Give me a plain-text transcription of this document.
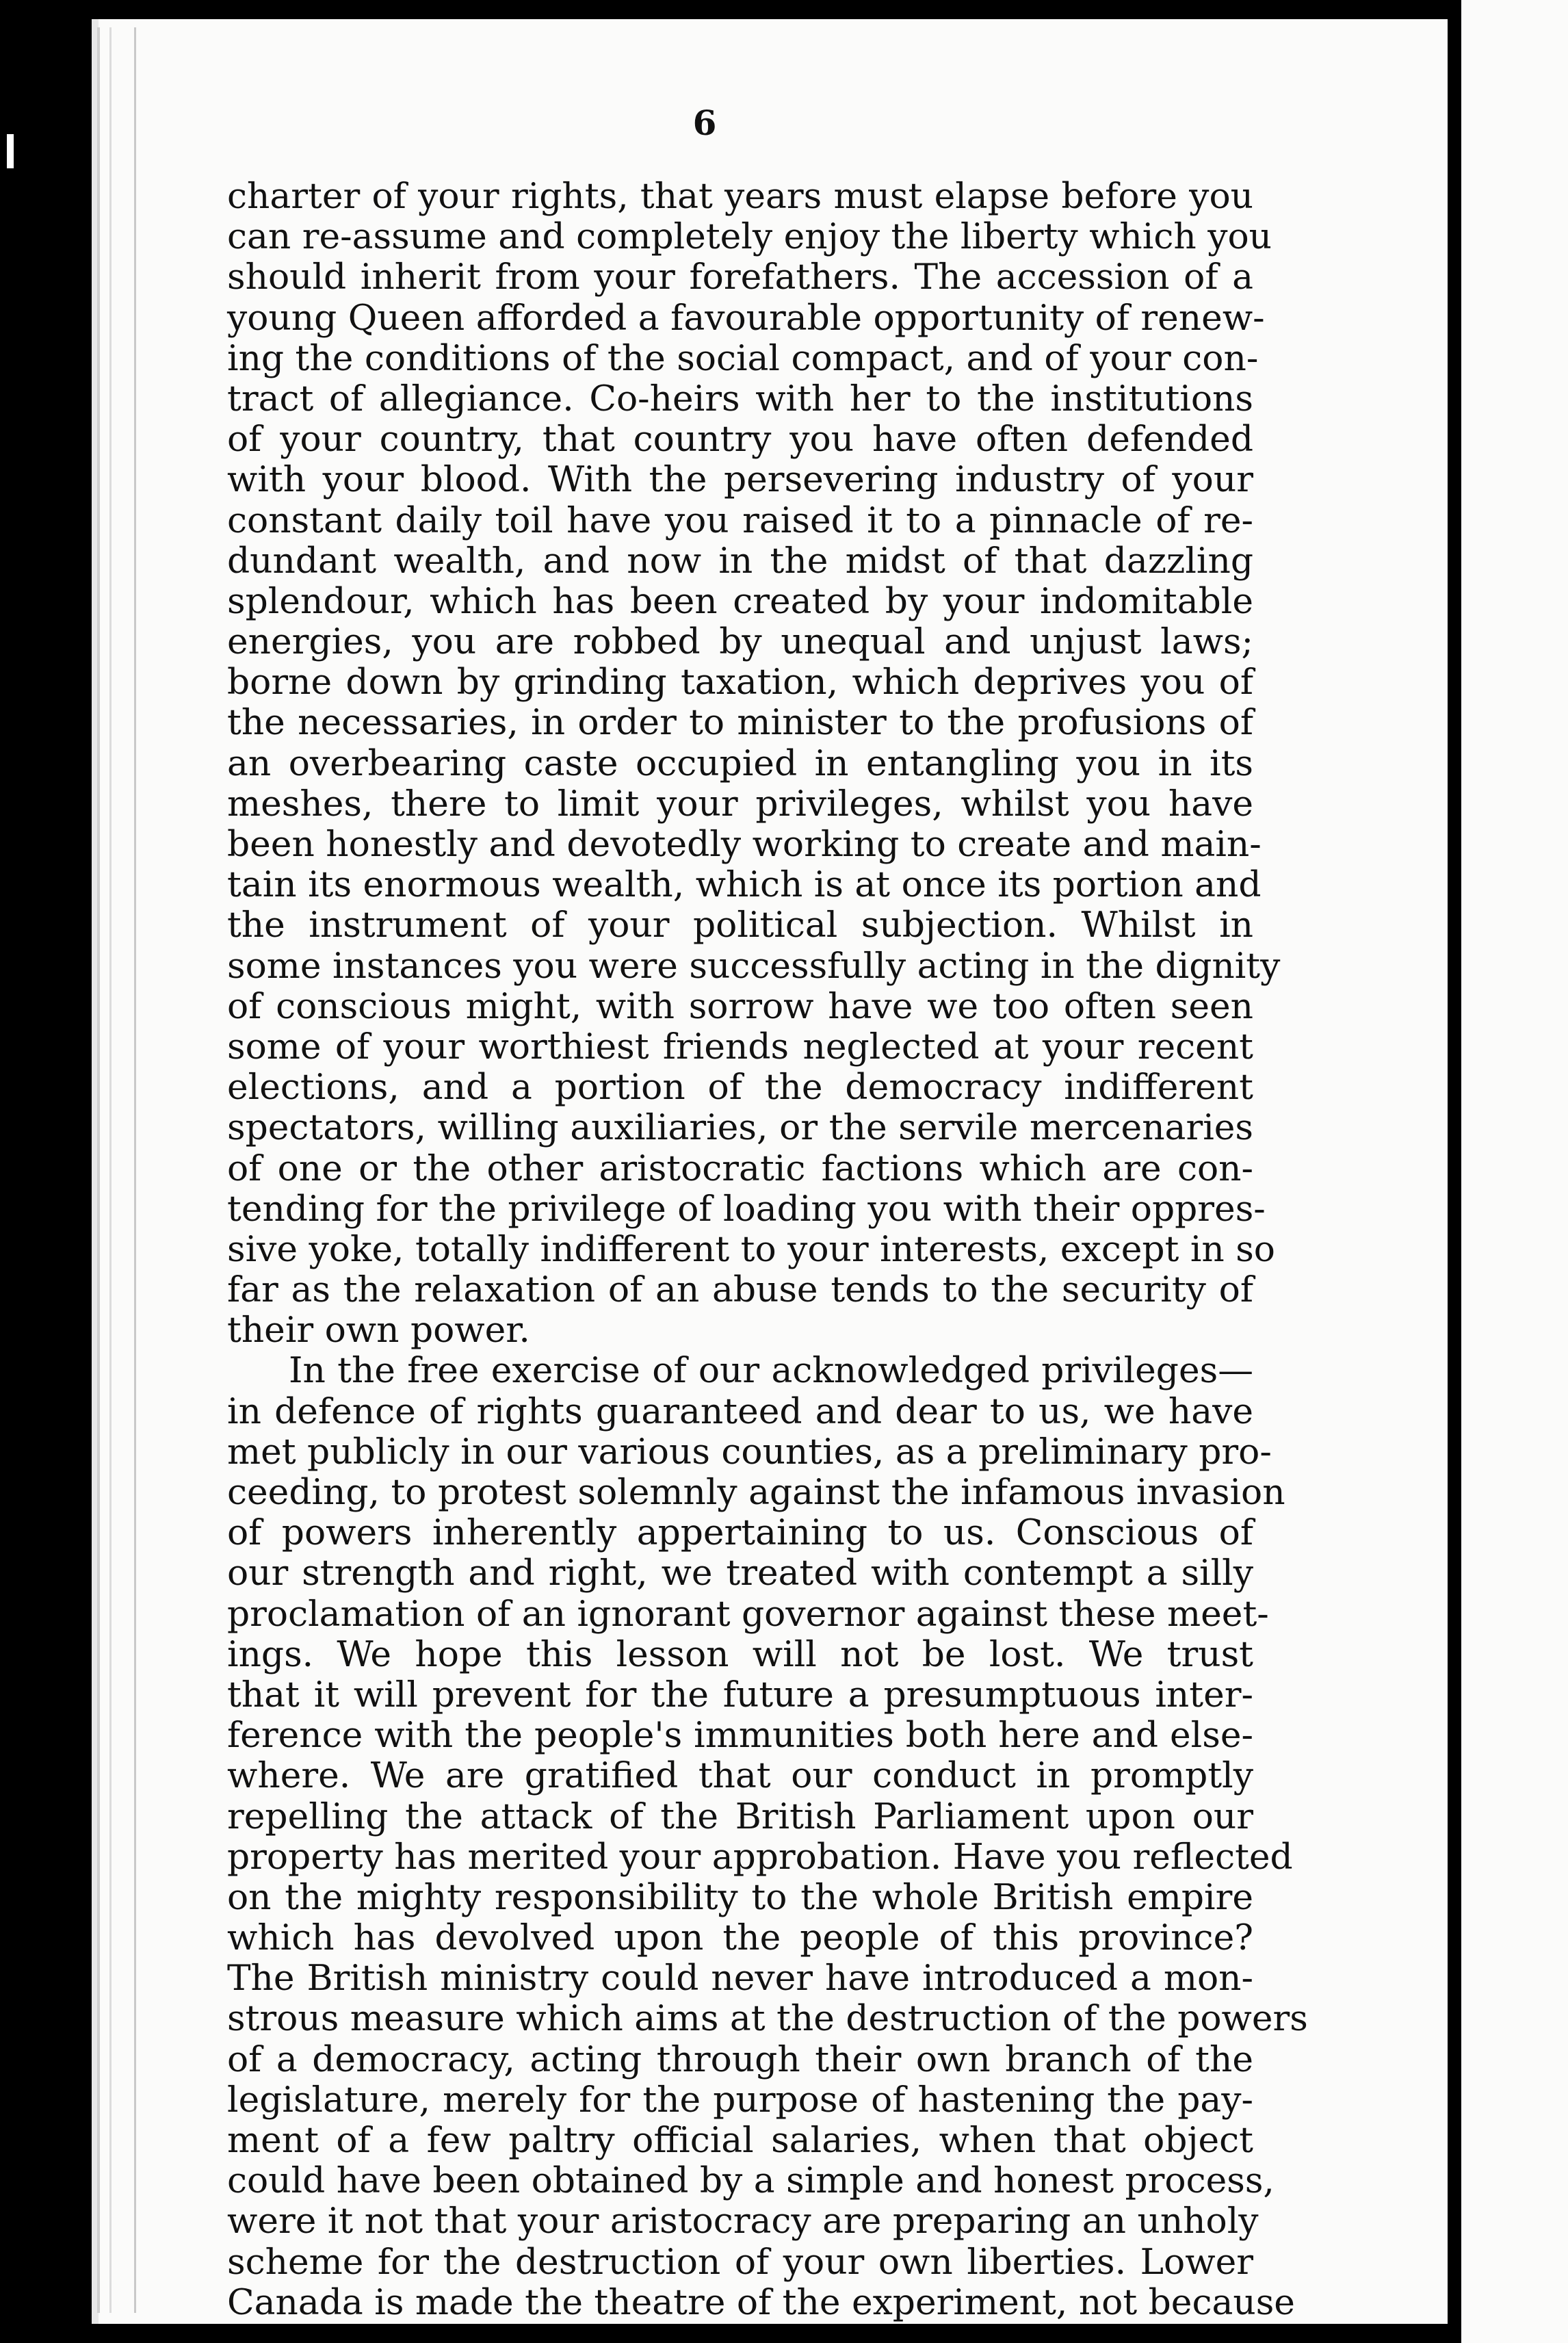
6
charter of your rights, that years must elapse before you
can re-assume and completely enjoy the liberty which you
should inherit from your forefathers. The accession of a
young Queen afforded a favourable opportunity of renew-
ing the conditions of the social compact, and of your con-
tract of allegiance. Co-heirs with her to the institutions
of your country, that country you have often defended
with your blood. With the persevering industry of your
constant daily toil have you raised it to a pinnacle of re-
dundant wealth, and now in the midst of that dazzling
splendour, which has been created by your indomitable
energies, you are robbed by unequal and unjust laws;
borne down by grinding taxation, which deprives you of
the necessaries, in order to minister to the profusions of
an overbearing caste occupied in entangling you in its
meshes, there to limit your privileges, whilst you have
been honestly and devotedly working to create and main-
tain its enormous wealth, which is at once its portion and
the instrument of your political subjection. Whilst in
some instances you were successfully acting in the dignity
of conscious might, with sorrow have we too often seen
some of your worthiest friends neglected at your recent
elections, and a portion of the democracy indifferent
spectators, willing auxiliaries, or the servile mercenaries
of one or the other aristocratic factions which are con-
tending for the privilege of loading you with their oppres-
sive yoke, totally indifferent to your interests, except in so
far as the relaxation of an abuse tends to the security of
their own power.
In the free exercise of our acknowledged privileges—
in defence of rights guaranteed and dear to us, we have
met publicly in our various counties, as a preliminary pro-
ceeding, to protest solemnly against the infamous invasion
of powers inherently appertaining to us. Conscious of
our strength and right, we treated with contempt a silly
proclamation of an ignorant governor against these meet-
ings. We hope this lesson will not be lost. We trust
that it will prevent for the future a presumptuous inter-
ference with the people's immunities both here and else-
where. We are gratified that our conduct in promptly
repelling the attack of the British Parliament upon our
property has merited your approbation. Have you reflected
on the mighty responsibility to the whole British empire
which has devolved upon the people of this province?
The British ministry could never have introduced a mon-
strous measure which aims at the destruction of the powers
of a democracy, acting through their own branch of the
legislature, merely for the purpose of hastening the pay-
ment of a few paltry official salaries, when that object
could have been obtained by a simple and honest process,
were it not that your aristocracy are preparing an unholy
scheme for the destruction of your own liberties. Lower
Canada is made the theatre of the experiment, not because
